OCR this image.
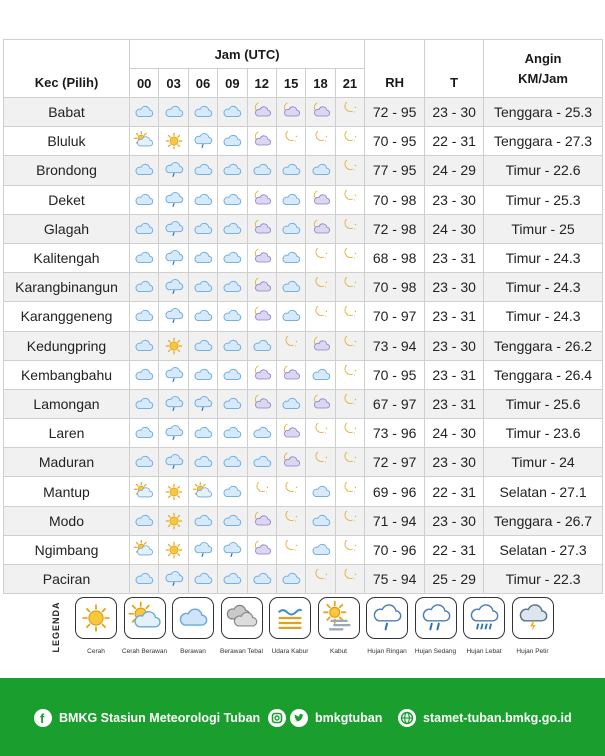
Kec (Pilih)	Jam (UTC)								RH	T	Angin
KM/Jam

	00	03	06	09	12	15	18	21			
Babat									72 - 95	23 - 30	Tenggara - 25.3
Bluluk									70 - 95	22 - 31	Tenggara - 27.3
Brondong									77 - 95	24 - 29	Timur - 22.6
Deket									70 - 98	23 - 30	Timur - 25.3
Glagah									72 - 98	24 - 30	Timur - 25
Kalitengah									68 - 98	23 - 31	Timur - 24.3
Karangbinangun									70 - 98	23 - 30	Timur - 24.3
Karanggeneng									70 - 97	23 - 31	Timur - 24.3
Kedungpring									73 - 94	23 - 30	Tenggara - 26.2
Kembangbahu									70 - 95	23 - 31	Tenggara - 26.4
Lamongan									67 - 97	23 - 31	Timur - 25.6
Laren									73 - 96	24 - 30	Timur - 23.6
Maduran									72 - 97	23 - 30	Timur - 24
Mantup									69 - 96	22 - 31	Selatan - 27.1
Modo									71 - 94	23 - 30	Tenggara - 26.7
Ngimbang									70 - 96	22 - 31	Selatan - 27.3
Paciran									75 - 94	25 - 29	Timur - 22.3
LEGENDA	Cerah	Cerah Berawan	Berawan	Berawan Tebal	Udara Kabur	Kabut	Hujan Ringan	Hujan Sedang	Hujan Lebat	Hujan Petir
f BMKG Stasiun Meteorologi Tuban	bmkgtuban	stamet-tuban.bmkg.go.id
